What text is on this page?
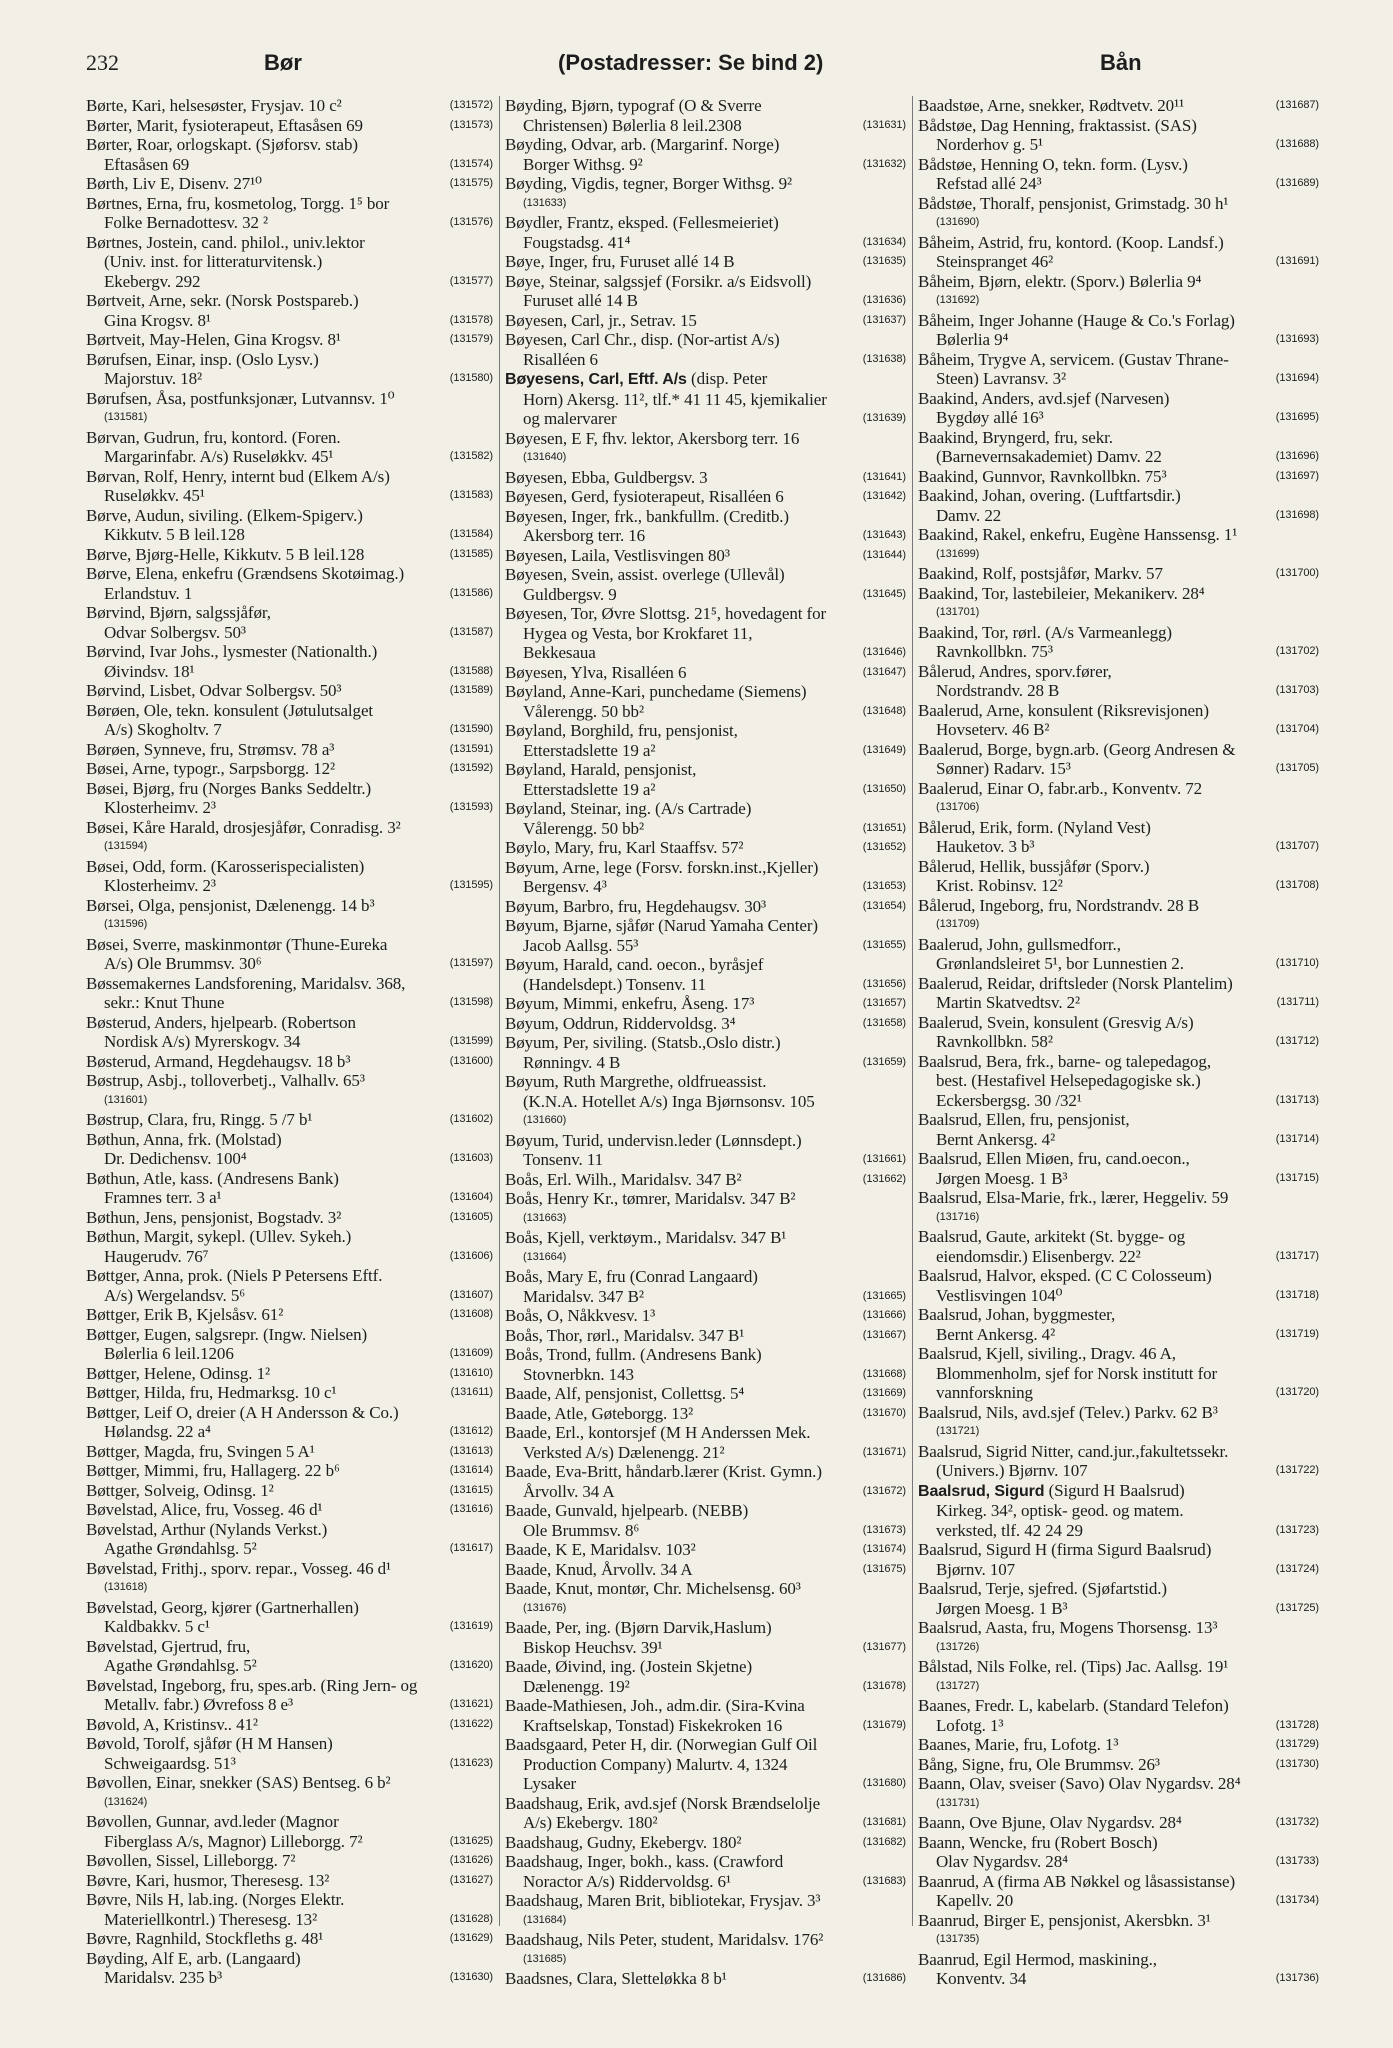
232	Bør	(Postadresser: Se bind 2)	Bån
Børte, Kari, helsesøster, Frysjav. 10 c²	(131572)
Børter, Marit, fysioterapeut, Eftasåsen 69	(131573)
Børter, Roar, orlogskapt. (Sjøforsv. stab)
Eftasåsen 69	(131574)
Børth, Liv E, Disenv. 27¹⁰	(131575)
Børtnes, Erna, fru, kosmetolog, Torgg. 1⁵ bor
Folke Bernadottesv. 32 ²	(131576)
Børtnes, Jostein, cand. philol., univ.lektor
(Univ. inst. for litteraturvitensk.)
Ekebergv. 292	(131577)
Børtveit, Arne, sekr. (Norsk Postspareb.)
Gina Krogsv. 8¹	(131578)
Børtveit, May-Helen, Gina Krogsv. 8¹	(131579)
Børufsen, Einar, insp. (Oslo Lysv.)
Majorstuv. 18²	(131580)
Børufsen, Åsa, postfunksjonær, Lutvannsv. 1⁰
(131581)
Børvan, Gudrun, fru, kontord. (Foren.
Margarinfabr. A/s) Ruseløkkv. 45¹	(131582)
Børvan, Rolf, Henry, internt bud (Elkem A/s)
Ruseløkkv. 45¹	(131583)
Børve, Audun, siviling. (Elkem-Spigerv.)
Kikkutv. 5 B leil.128	(131584)
Børve, Bjørg-Helle, Kikkutv. 5 B leil.128	(131585)
Børve, Elena, enkefru (Grændsens Skotøimag.)
Erlandstuv. 1	(131586)
Børvind, Bjørn, salgssjåfør,
Odvar Solbergsv. 50³	(131587)
Børvind, Ivar Johs., lysmester (Nationalth.)
Øivindsv. 18¹	(131588)
Børvind, Lisbet, Odvar Solbergsv. 50³	(131589)
Børøen, Ole, tekn. konsulent (Jøtulutsalget
A/s) Skogholtv. 7	(131590)
Børøen, Synneve, fru, Strømsv. 78 a³	(131591)
Bøsei, Arne, typogr., Sarpsborgg. 12²	(131592)
Bøsei, Bjørg, fru (Norges Banks Seddeltr.)
Klosterheimv. 2³	(131593)
Bøsei, Kåre Harald, drosjesjåfør, Conradisg. 3²
(131594)
Bøsei, Odd, form. (Karosserispecialisten)
Klosterheimv. 2³	(131595)
Børsei, Olga, pensjonist, Dælenengg. 14 b³
(131596)
Bøsei, Sverre, maskinmontør (Thune-Eureka
A/s) Ole Brummsv. 30⁶	(131597)
Bøssemakernes Landsforening, Maridalsv. 368,
sekr.: Knut Thune	(131598)
Bøsterud, Anders, hjelpearb. (Robertson
Nordisk A/s) Myrerskogv. 34	(131599)
Bøsterud, Armand, Hegdehaugsv. 18 b³	(131600)
Bøstrup, Asbj., tolloverbetj., Valhallv. 65³
(131601)
Bøstrup, Clara, fru, Ringg. 5 /7 b¹	(131602)
Bøthun, Anna, frk. (Molstad)
Dr. Dedichensv. 100⁴	(131603)
Bøthun, Atle, kass. (Andresens Bank)
Framnes terr. 3 a¹	(131604)
Bøthun, Jens, pensjonist, Bogstadv. 3²	(131605)
Bøthun, Margit, sykepl. (Ullev. Sykeh.)
Haugerudv. 76⁷	(131606)
Bøttger, Anna, prok. (Niels P Petersens Eftf.
A/s) Wergelandsv. 5⁶	(131607)
Bøttger, Erik B, Kjelsåsv. 61²	(131608)
Bøttger, Eugen, salgsrepr. (Ingw. Nielsen)
Bølerlia 6 leil.1206	(131609)
Bøttger, Helene, Odinsg. 1²	(131610)
Bøttger, Hilda, fru, Hedmarksg. 10 c¹	(131611)
Bøttger, Leif O, dreier (A H Andersson & Co.)
Hølandsg. 22 a⁴	(131612)
Bøttger, Magda, fru, Svingen 5 A¹	(131613)
Bøttger, Mimmi, fru, Hallagerg. 22 b⁶	(131614)
Bøttger, Solveig, Odinsg. 1²	(131615)
Bøvelstad, Alice, fru, Vosseg. 46 d¹	(131616)
Bøvelstad, Arthur (Nylands Verkst.)
Agathe Grøndahlsg. 5²	(131617)
Bøvelstad, Frithj., sporv. repar., Vosseg. 46 d¹
(131618)
Bøvelstad, Georg, kjører (Gartnerhallen)
Kaldbakkv. 5 c¹	(131619)
Bøvelstad, Gjertrud, fru,
Agathe Grøndahlsg. 5²	(131620)
Bøvelstad, Ingeborg, fru, spes.arb. (Ring Jern- og
Metallv. fabr.) Øvrefoss 8 e³	(131621)
Bøvold, A, Kristinsv.. 41²	(131622)
Bøvold, Torolf, sjåfør (H M Hansen)
Schweigaardsg. 51³	(131623)
Bøvollen, Einar, snekker (SAS) Bentseg. 6 b²
(131624)
Bøvollen, Gunnar, avd.leder (Magnor
Fiberglass A/s, Magnor) Lilleborgg. 7²	(131625)
Bøvollen, Sissel, Lilleborgg. 7²	(131626)
Bøvre, Kari, husmor, Theresesg. 13²	(131627)
Bøvre, Nils H, lab.ing. (Norges Elektr.
Materiellkontrl.) Theresesg. 13²	(131628)
Bøvre, Ragnhild, Stockfleths g. 48¹	(131629)
Bøyding, Alf E, arb. (Langaard)
Maridalsv. 235 b³	(131630)
Bøyding, Bjørn, typograf (O & Sverre
Christensen) Bølerlia 8 leil.2308	(131631)
Bøyding, Odvar, arb. (Margarinf. Norge)
Borger Withsg. 9²	(131632)
Bøyding, Vigdis, tegner, Borger Withsg. 9²
(131633)
Bøydler, Frantz, eksped. (Fellesmeieriet)
Fougstadsg. 41⁴	(131634)
Bøye, Inger, fru, Furuset allé 14 B	(131635)
Bøye, Steinar, salgssjef (Forsikr. a/s Eidsvoll)
Furuset allé 14 B	(131636)
Bøyesen, Carl, jr., Setrav. 15	(131637)
Bøyesen, Carl Chr., disp. (Nor-artist A/s)
Risalléen 6	(131638)
Bøyesens, Carl, Eftf. A/s (disp. Peter
Horn) Akersg. 11², tlf.* 41 11 45, kjemikalier
og malervarer	(131639)
Bøyesen, E F, fhv. lektor, Akersborg terr. 16
(131640)
Bøyesen, Ebba, Guldbergsv. 3	(131641)
Bøyesen, Gerd, fysioterapeut, Risalléen 6	(131642)
Bøyesen, Inger, frk., bankfullm. (Creditb.)
Akersborg terr. 16	(131643)
Bøyesen, Laila, Vestlisvingen 80³	(131644)
Bøyesen, Svein, assist. overlege (Ullevål)
Guldbergsv. 9	(131645)
Bøyesen, Tor, Øvre Slottsg. 21⁵, hovedagent for
Hygea og Vesta, bor Krokfaret 11,
Bekkesaua	(131646)
Bøyesen, Ylva, Risalléen 6	(131647)
Bøyland, Anne-Kari, punchedame (Siemens)
Vålerengg. 50 bb²	(131648)
Bøyland, Borghild, fru, pensjonist,
Etterstadslette 19 a²	(131649)
Bøyland, Harald, pensjonist,
Etterstadslette 19 a²	(131650)
Bøyland, Steinar, ing. (A/s Cartrade)
Vålerengg. 50 bb²	(131651)
Bøylo, Mary, fru, Karl Staaffsv. 57²	(131652)
Bøyum, Arne, lege (Forsv. forskn.inst.,Kjeller)
Bergensv. 4³	(131653)
Bøyum, Barbro, fru, Hegdehaugsv. 30³	(131654)
Bøyum, Bjarne, sjåfør (Narud Yamaha Center)
Jacob Aallsg. 55³	(131655)
Bøyum, Harald, cand. oecon., byråsjef
(Handelsdept.) Tonsenv. 11	(131656)
Bøyum, Mimmi, enkefru, Åseng. 17³	(131657)
Bøyum, Oddrun, Riddervoldsg. 3⁴	(131658)
Bøyum, Per, siviling. (Statsb.,Oslo distr.)
Rønningv. 4 B	(131659)
Bøyum, Ruth Margrethe, oldfrueassist.
(K.N.A. Hotellet A/s) Inga Bjørnsonsv. 105
(131660)
Bøyum, Turid, undervisn.leder (Lønnsdept.)
Tonsenv. 11	(131661)
Boås, Erl. Wilh., Maridalsv. 347 B²	(131662)
Boås, Henry Kr., tømrer, Maridalsv. 347 B²
(131663)
Boås, Kjell, verktøym., Maridalsv. 347 B¹
(131664)
Boås, Mary E, fru (Conrad Langaard)
Maridalsv. 347 B²	(131665)
Boås, O, Nåkkvesv. 1³	(131666)
Boås, Thor, rørl., Maridalsv. 347 B¹	(131667)
Boås, Trond, fullm. (Andresens Bank)
Stovnerbkn. 143	(131668)
Baade, Alf, pensjonist, Collettsg. 5⁴	(131669)
Baade, Atle, Gøteborgg. 13²	(131670)
Baade, Erl., kontorsjef (M H Anderssen Mek.
Verksted A/s) Dælenengg. 21²	(131671)
Baade, Eva-Britt, håndarb.lærer (Krist. Gymn.)
Årvollv. 34 A	(131672)
Baade, Gunvald, hjelpearb. (NEBB)
Ole Brummsv. 8⁶	(131673)
Baade, K E, Maridalsv. 103²	(131674)
Baade, Knud, Årvollv. 34 A	(131675)
Baade, Knut, montør, Chr. Michelsensg. 60³
(131676)
Baade, Per, ing. (Bjørn Darvik,Haslum)
Biskop Heuchsv. 39¹	(131677)
Baade, Øivind, ing. (Jostein Skjetne)
Dælenengg. 19²	(131678)
Baade-Mathiesen, Joh., adm.dir. (Sira-Kvina
Kraftselskap, Tonstad) Fiskekroken 16	(131679)
Baadsgaard, Peter H, dir. (Norwegian Gulf Oil
Production Company) Malurtv. 4, 1324
Lysaker	(131680)
Baadshaug, Erik, avd.sjef (Norsk Brændselolje
A/s) Ekebergv. 180²	(131681)
Baadshaug, Gudny, Ekebergv. 180²	(131682)
Baadshaug, Inger, bokh., kass. (Crawford
Noractor A/s) Riddervoldsg. 6¹	(131683)
Baadshaug, Maren Brit, bibliotekar, Frysjav. 3³
(131684)
Baadshaug, Nils Peter, student, Maridalsv. 176²
(131685)
Baadsnes, Clara, Sletteløkka 8 b¹	(131686)
Baadstøe, Arne, snekker, Rødtvetv. 20¹¹	(131687)
Bådstøe, Dag Henning, fraktassist. (SAS)
Norderhov g. 5¹	(131688)
Bådstøe, Henning O, tekn. form. (Lysv.)
Refstad allé 24³	(131689)
Bådstøe, Thoralf, pensjonist, Grimstadg. 30 h¹
(131690)
Båheim, Astrid, fru, kontord. (Koop. Landsf.)
Steinspranget 46²	(131691)
Båheim, Bjørn, elektr. (Sporv.) Bølerlia 9⁴
(131692)
Båheim, Inger Johanne (Hauge & Co.'s Forlag)
Bølerlia 9⁴	(131693)
Båheim, Trygve A, servicem. (Gustav Thrane-
Steen) Lavransv. 3²	(131694)
Baakind, Anders, avd.sjef (Narvesen)
Bygdøy allé 16³	(131695)
Baakind, Bryngerd, fru, sekr.
(Barnevernsakademiet) Damv. 22	(131696)
Baakind, Gunnvor, Ravnkollbkn. 75³	(131697)
Baakind, Johan, overing. (Luftfartsdir.)
Damv. 22	(131698)
Baakind, Rakel, enkefru, Eugène Hanssensg. 1¹
(131699)
Baakind, Rolf, postsjåfør, Markv. 57	(131700)
Baakind, Tor, lastebileier, Mekanikerv. 28⁴
(131701)
Baakind, Tor, rørl. (A/s Varmeanlegg)
Ravnkollbkn. 75³	(131702)
Bålerud, Andres, sporv.fører,
Nordstrandv. 28 B	(131703)
Baalerud, Arne, konsulent (Riksrevisjonen)
Hovseterv. 46 B²	(131704)
Baalerud, Borge, bygn.arb. (Georg Andresen &
Sønner) Radarv. 15³	(131705)
Baalerud, Einar O, fabr.arb., Konventv. 72
(131706)
Bålerud, Erik, form. (Nyland Vest)
Hauketov. 3 b³	(131707)
Bålerud, Hellik, bussjåfør (Sporv.)
Krist. Robinsv. 12²	(131708)
Bålerud, Ingeborg, fru, Nordstrandv. 28 B
(131709)
Baalerud, John, gullsmedforr.,
Grønlandsleiret 5¹, bor Lunnestien 2.	(131710)
Baalerud, Reidar, driftsleder (Norsk Plantelim)
Martin Skatvedtsv. 2²	(131711)
Baalerud, Svein, konsulent (Gresvig A/s)
Ravnkollbkn. 58²	(131712)
Baalsrud, Bera, frk., barne- og talepedagog,
best. (Hestafivel Helsepedagogiske sk.)
Eckersbergsg. 30 /32¹	(131713)
Baalsrud, Ellen, fru, pensjonist,
Bernt Ankersg. 4²	(131714)
Baalsrud, Ellen Miøen, fru, cand.oecon.,
Jørgen Moesg. 1 B³	(131715)
Baalsrud, Elsa-Marie, frk., lærer, Heggeliv. 59
(131716)
Baalsrud, Gaute, arkitekt (St. bygge- og
eiendomsdir.) Elisenbergv. 22²	(131717)
Baalsrud, Halvor, eksped. (C C Colosseum)
Vestlisvingen 104⁰	(131718)
Baalsrud, Johan, byggmester,
Bernt Ankersg. 4²	(131719)
Baalsrud, Kjell, siviling., Dragv. 46 A,
Blommenholm, sjef for Norsk institutt for
vannforskning	(131720)
Baalsrud, Nils, avd.sjef (Telev.) Parkv. 62 B³
(131721)
Baalsrud, Sigrid Nitter, cand.jur.,fakultetssekr.
(Univers.) Bjørnv. 107	(131722)
Baalsrud, Sigurd (Sigurd H Baalsrud)
Kirkeg. 34², optisk- geod. og matem.
verksted, tlf. 42 24 29	(131723)
Baalsrud, Sigurd H (firma Sigurd Baalsrud)
Bjørnv. 107	(131724)
Baalsrud, Terje, sjefred. (Sjøfartstid.)
Jørgen Moesg. 1 B³	(131725)
Baalsrud, Aasta, fru, Mogens Thorsensg. 13³
(131726)
Bålstad, Nils Folke, rel. (Tips) Jac. Aallsg. 19¹
(131727)
Baanes, Fredr. L, kabelarb. (Standard Telefon)
Lofotg. 1³	(131728)
Baanes, Marie, fru, Lofotg. 1³	(131729)
Bång, Signe, fru, Ole Brummsv. 26³	(131730)
Baann, Olav, sveiser (Savo) Olav Nygardsv. 28⁴
(131731)
Baann, Ove Bjune, Olav Nygardsv. 28⁴	(131732)
Baann, Wencke, fru (Robert Bosch)
Olav Nygardsv. 28⁴	(131733)
Baanrud, A (firma AB Nøkkel og låsassistanse)
Kapellv. 20	(131734)
Baanrud, Birger E, pensjonist, Akersbkn. 3¹
(131735)
Baanrud, Egil Hermod, maskining.,
Konventv. 34	(131736)
